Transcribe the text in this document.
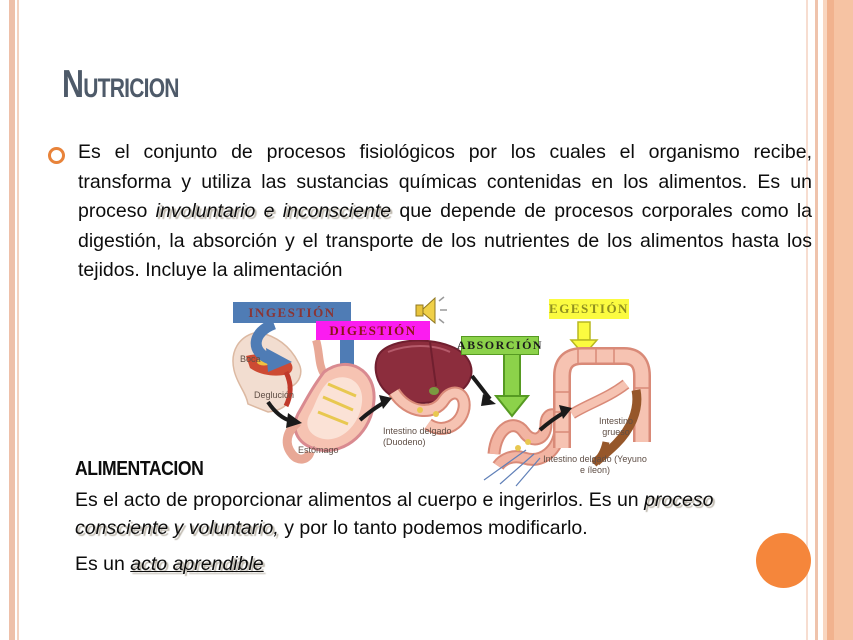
Nutricion

Es el conjunto de procesos fisiológicos por los cuales el organismo recibe, transforma y utiliza las sustancias químicas contenidas en los alimentos. Es un proceso involuntario e inconsciente que depende de procesos corporales como la digestión, la absorción y el transporte de los nutrientes de los alimentos hasta los tejidos. Incluye la alimentación

INGESTIÓN
DIGESTIÓN
ABSORCIÓN
EGESTIÓN
Boca
Deglución
Estómago
Intestino delgado (Duodeno)
Intestino delgado (Yeyuno e íleon)
Intestino grueso
ALIMENTACION

Es el acto de proporcionar alimentos al cuerpo e ingerirlos. Es un proceso consciente y voluntario, y por lo tanto podemos modificarlo.

Es un acto aprendible
